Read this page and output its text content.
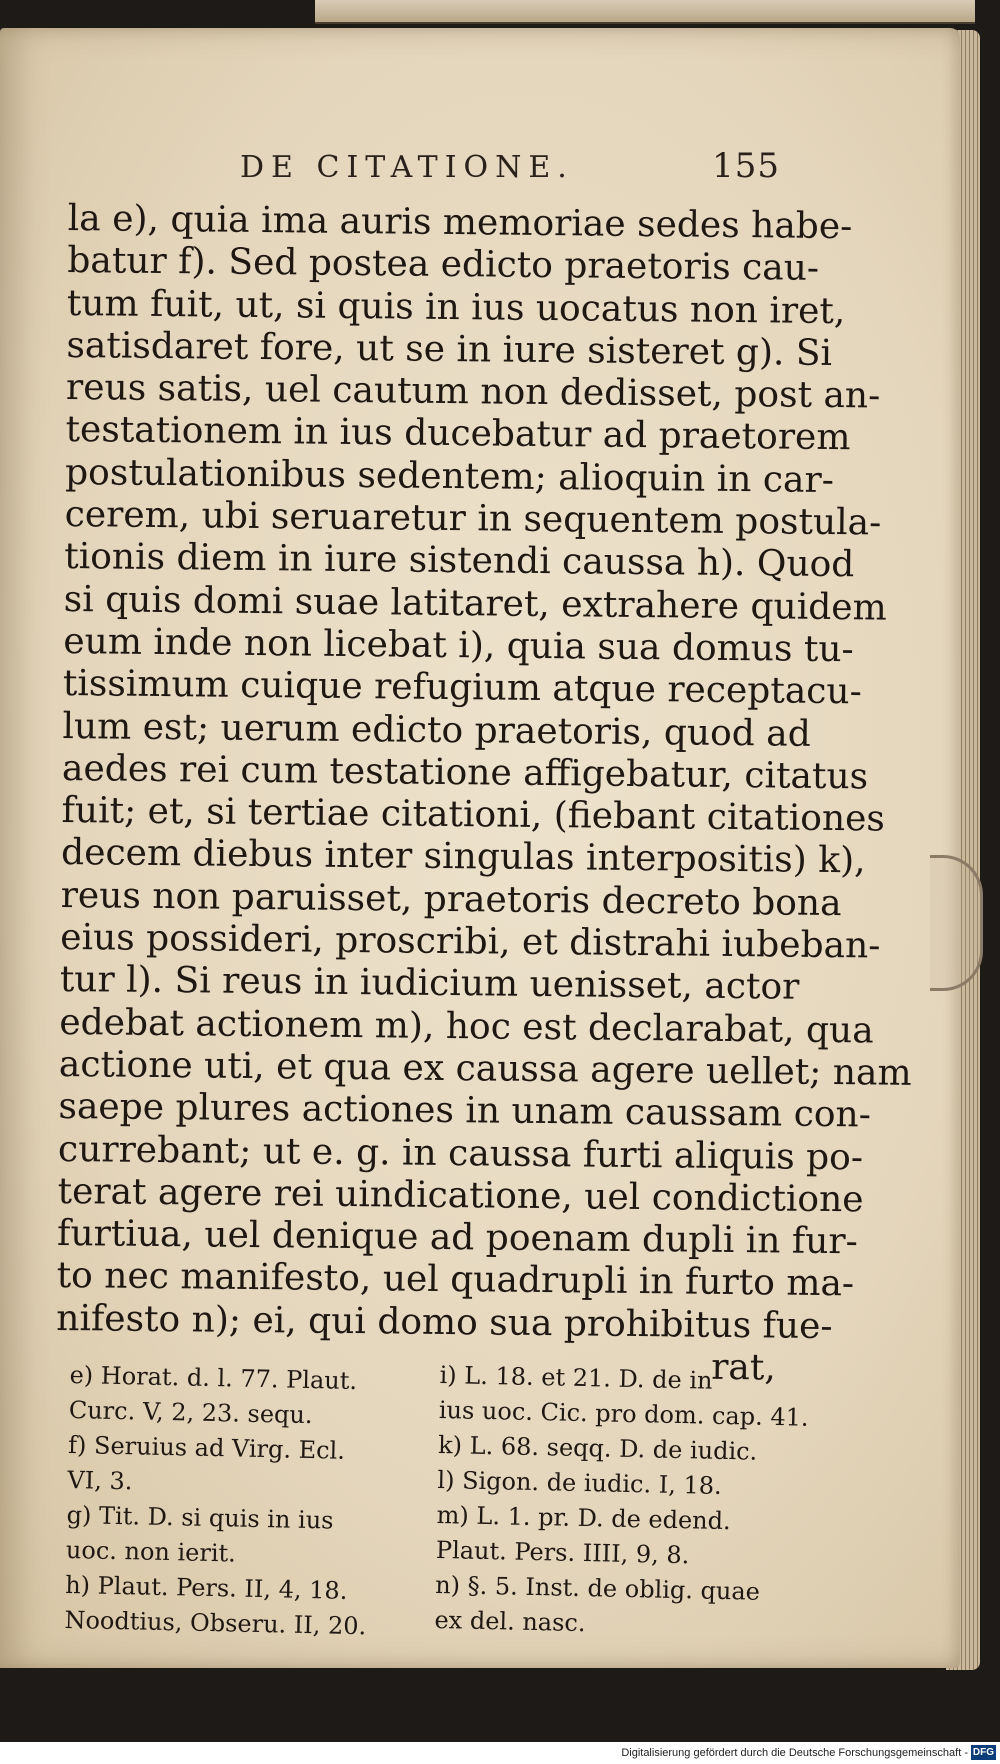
DE CITATIONE.	155

la e), quia ima auris memoriae sedes habe-

batur f). Sed postea edicto praetoris cau-

tum fuit, ut, si quis in ius uocatus non iret,

satisdaret fore, ut se in iure sisteret g). Si

reus satis, uel cautum non dedisset, post an-

testationem in ius ducebatur ad praetorem

postulationibus sedentem; alioquin in car-

cerem, ubi seruaretur in sequentem postula-

tionis diem in iure sistendi caussa h). Quod

si quis domi suae latitaret, extrahere quidem

eum inde non licebat i), quia sua domus tu-

tissimum cuique refugium atque receptacu-

lum est; uerum edicto praetoris, quod ad

aedes rei cum testatione affigebatur, citatus

fuit; et, si tertiae citationi, (fiebant citationes

decem diebus inter singulas interpositis) k),

reus non paruisset, praetoris decreto bona

eius possideri, proscribi, et distrahi iubeban-

tur l). Si reus in iudicium uenisset, actor

edebat actionem m), hoc est declarabat, qua

actione uti, et qua ex caussa agere uellet; nam

saepe plures actiones in unam caussam con-

currebant; ut e. g. in caussa furti aliquis po-

terat agere rei uindicatione, uel condictione

furtiua, uel denique ad poenam dupli in fur-

to nec manifesto, uel quadrupli in furto ma-

nifesto n); ei, qui domo sua prohibitus fue-

rat,

e) Horat. d. l. 77. Plaut.

Curc. V, 2, 23. sequ.

f) Seruius ad Virg. Ecl.

VI, 3.

g) Tit. D. si quis in ius

uoc. non ierit.

h) Plaut. Pers. II, 4, 18.

Noodtius, Obseru. II, 20.

i) L. 18. et 21. D. de in

ius uoc. Cic. pro dom. cap. 41.

k) L. 68. seqq. D. de iudic.

l) Sigon. de iudic. I, 18.

m) L. 1. pr. D. de edend.

Plaut. Pers. IIII, 9, 8.

n) §. 5. Inst. de oblig. quae

ex del. nasc.

Digitalisierung gefördert durch die Deutsche Forschungsgemeinschaft - DFG
